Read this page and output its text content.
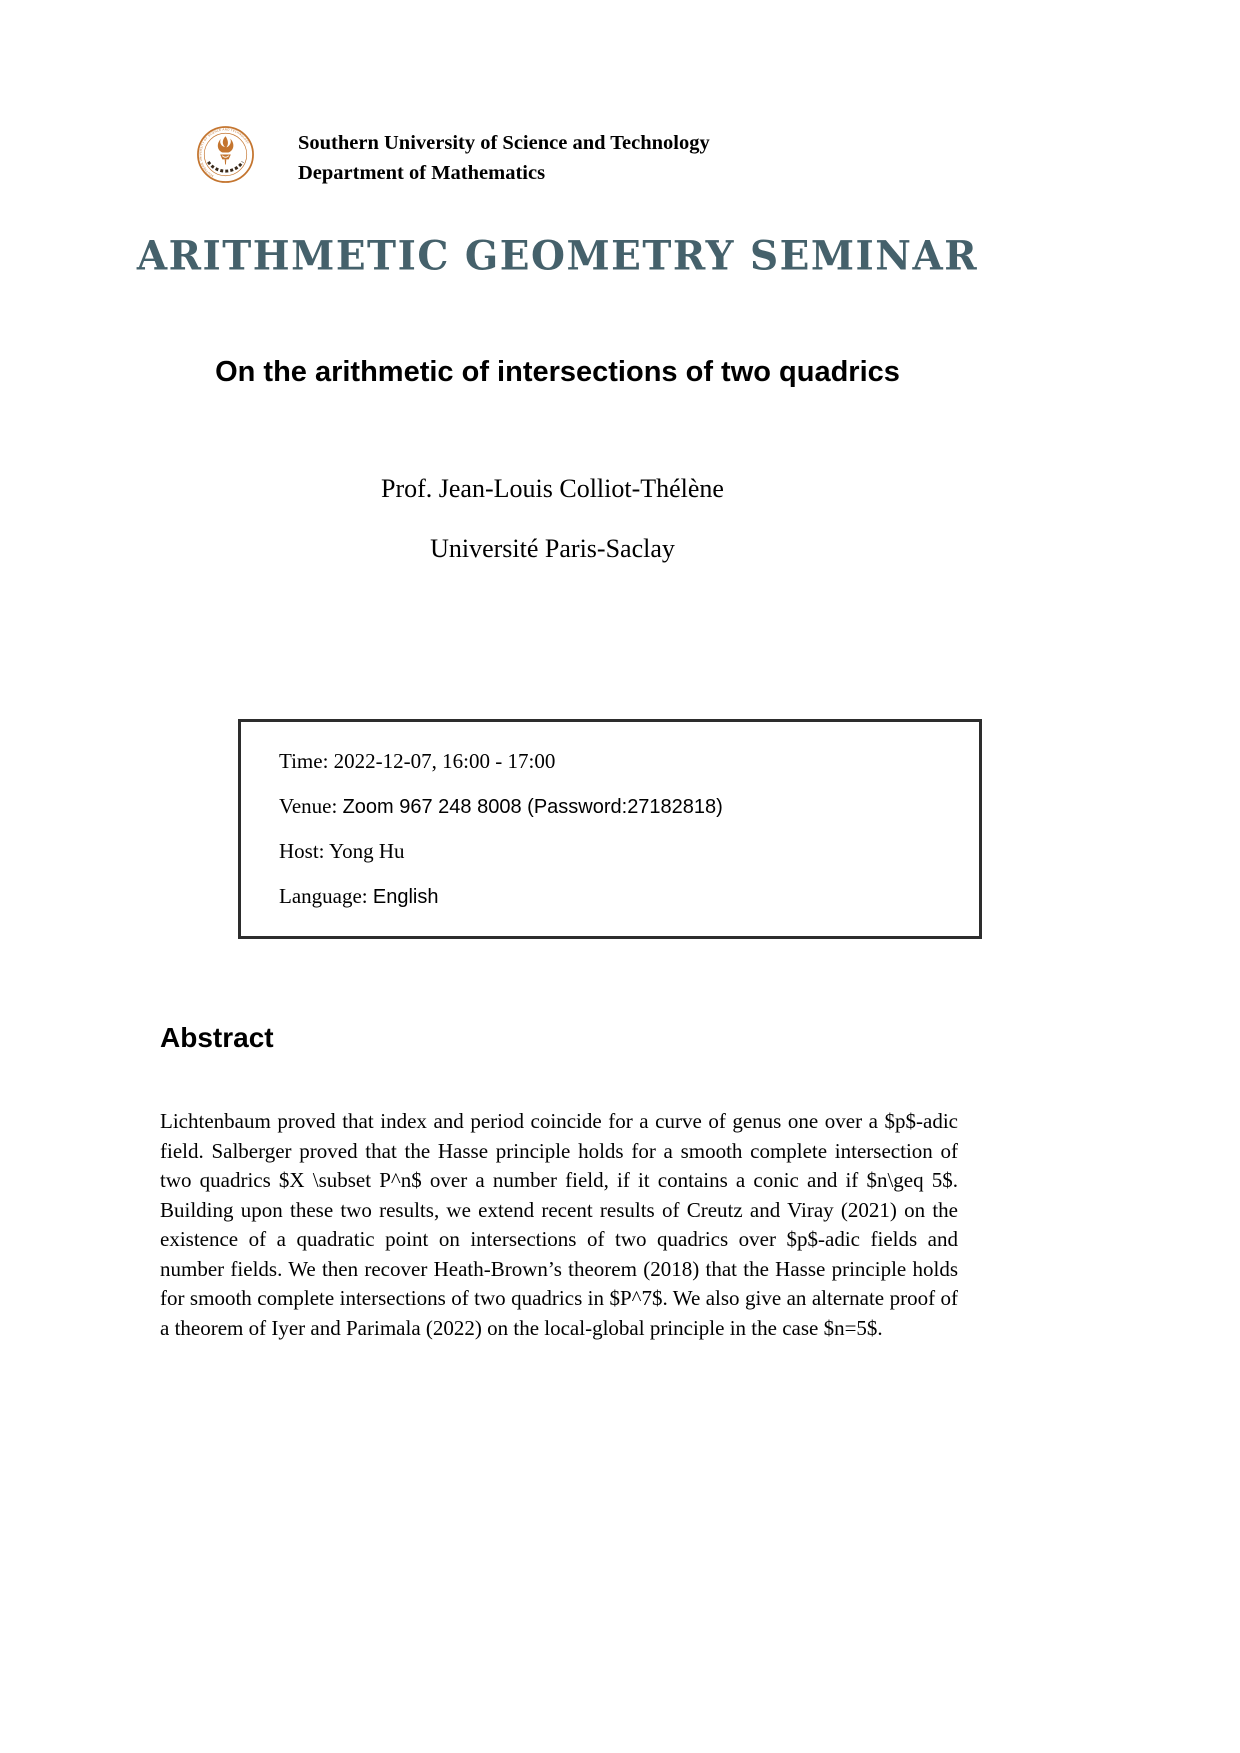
SOUTHERN UNIVERSITY OF SCIENCE AND TECHNOLOGY Southern University of Science and Technology
Department of Mathematics
ARITHMETIC GEOMETRY SEMINAR
On the arithmetic of intersections of two quadrics
Prof. Jean-Louis Colliot-Thélène
Université Paris-Saclay
Time: 2022-12-07, 16:00 - 17:00
Venue: Zoom 967 248 8008 (Password:27182818)
Host: Yong Hu
Language: English
Abstract

Lichtenbaum proved that index and period coincide for a curve of genus one over a $p$-adic field. Salberger proved that the Hasse principle holds for a smooth complete intersection of two quadrics $X \subset P^n$ over a number field, if it contains a conic and if $n\geq 5$. Building upon these two results, we extend recent results of Creutz and Viray (2021) on the existence of a quadratic point on intersections of two quadrics over $p$-adic fields and number fields. We then recover Heath-Brown’s theorem (2018) that the Hasse principle holds for smooth complete intersections of two quadrics in $P^7$. We also give an alternate proof of a theorem of Iyer and Parimala (2022) on the local-global principle in the case $n=5$.
